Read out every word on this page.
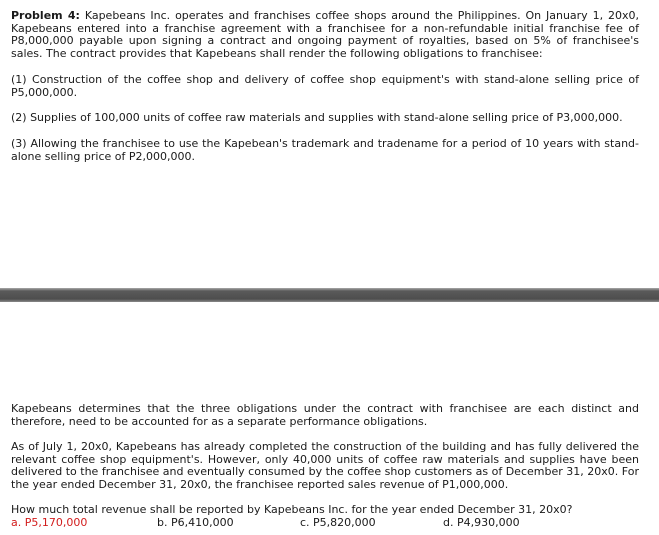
Problem 4: Kapebeans Inc. operates and franchises coffee shops around the Philippines. On January 1, 20x0, Kapebeans entered into a franchise agreement with a franchisee for a non-refundable initial franchise fee of P8,000,000 payable upon signing a contract and ongoing payment of royalties, based on 5% of franchisee's sales. The contract provides that Kapebeans shall render the following obligations to franchisee:

(1) Construction of the coffee shop and delivery of coffee shop equipment's with stand-alone selling price of P5,000,000.

(2) Supplies of 100,000 units of coffee raw materials and supplies with stand-alone selling price of P3,000,000.

(3) Allowing the franchisee to use the Kapebean's trademark and tradename for a period of 10 years with stand-alone selling price of P2,000,000.

Kapebeans determines that the three obligations under the contract with franchisee are each distinct and therefore, need to be accounted for as a separate performance obligations.

As of July 1, 20x0, Kapebeans has already completed the construction of the building and has fully delivered the relevant coffee shop equipment's. However, only 40,000 units of coffee raw materials and supplies have been delivered to the franchisee and eventually consumed by the coffee shop customers as of December 31, 20x0. For the year ended December 31, 20x0, the franchisee reported sales revenue of P1,000,000.

How much total revenue shall be reported by Kapebeans Inc. for the year ended December 31, 20x0?

a. P5,170,000	b. P6,410,000	c. P5,820,000	d. P4,930,000
